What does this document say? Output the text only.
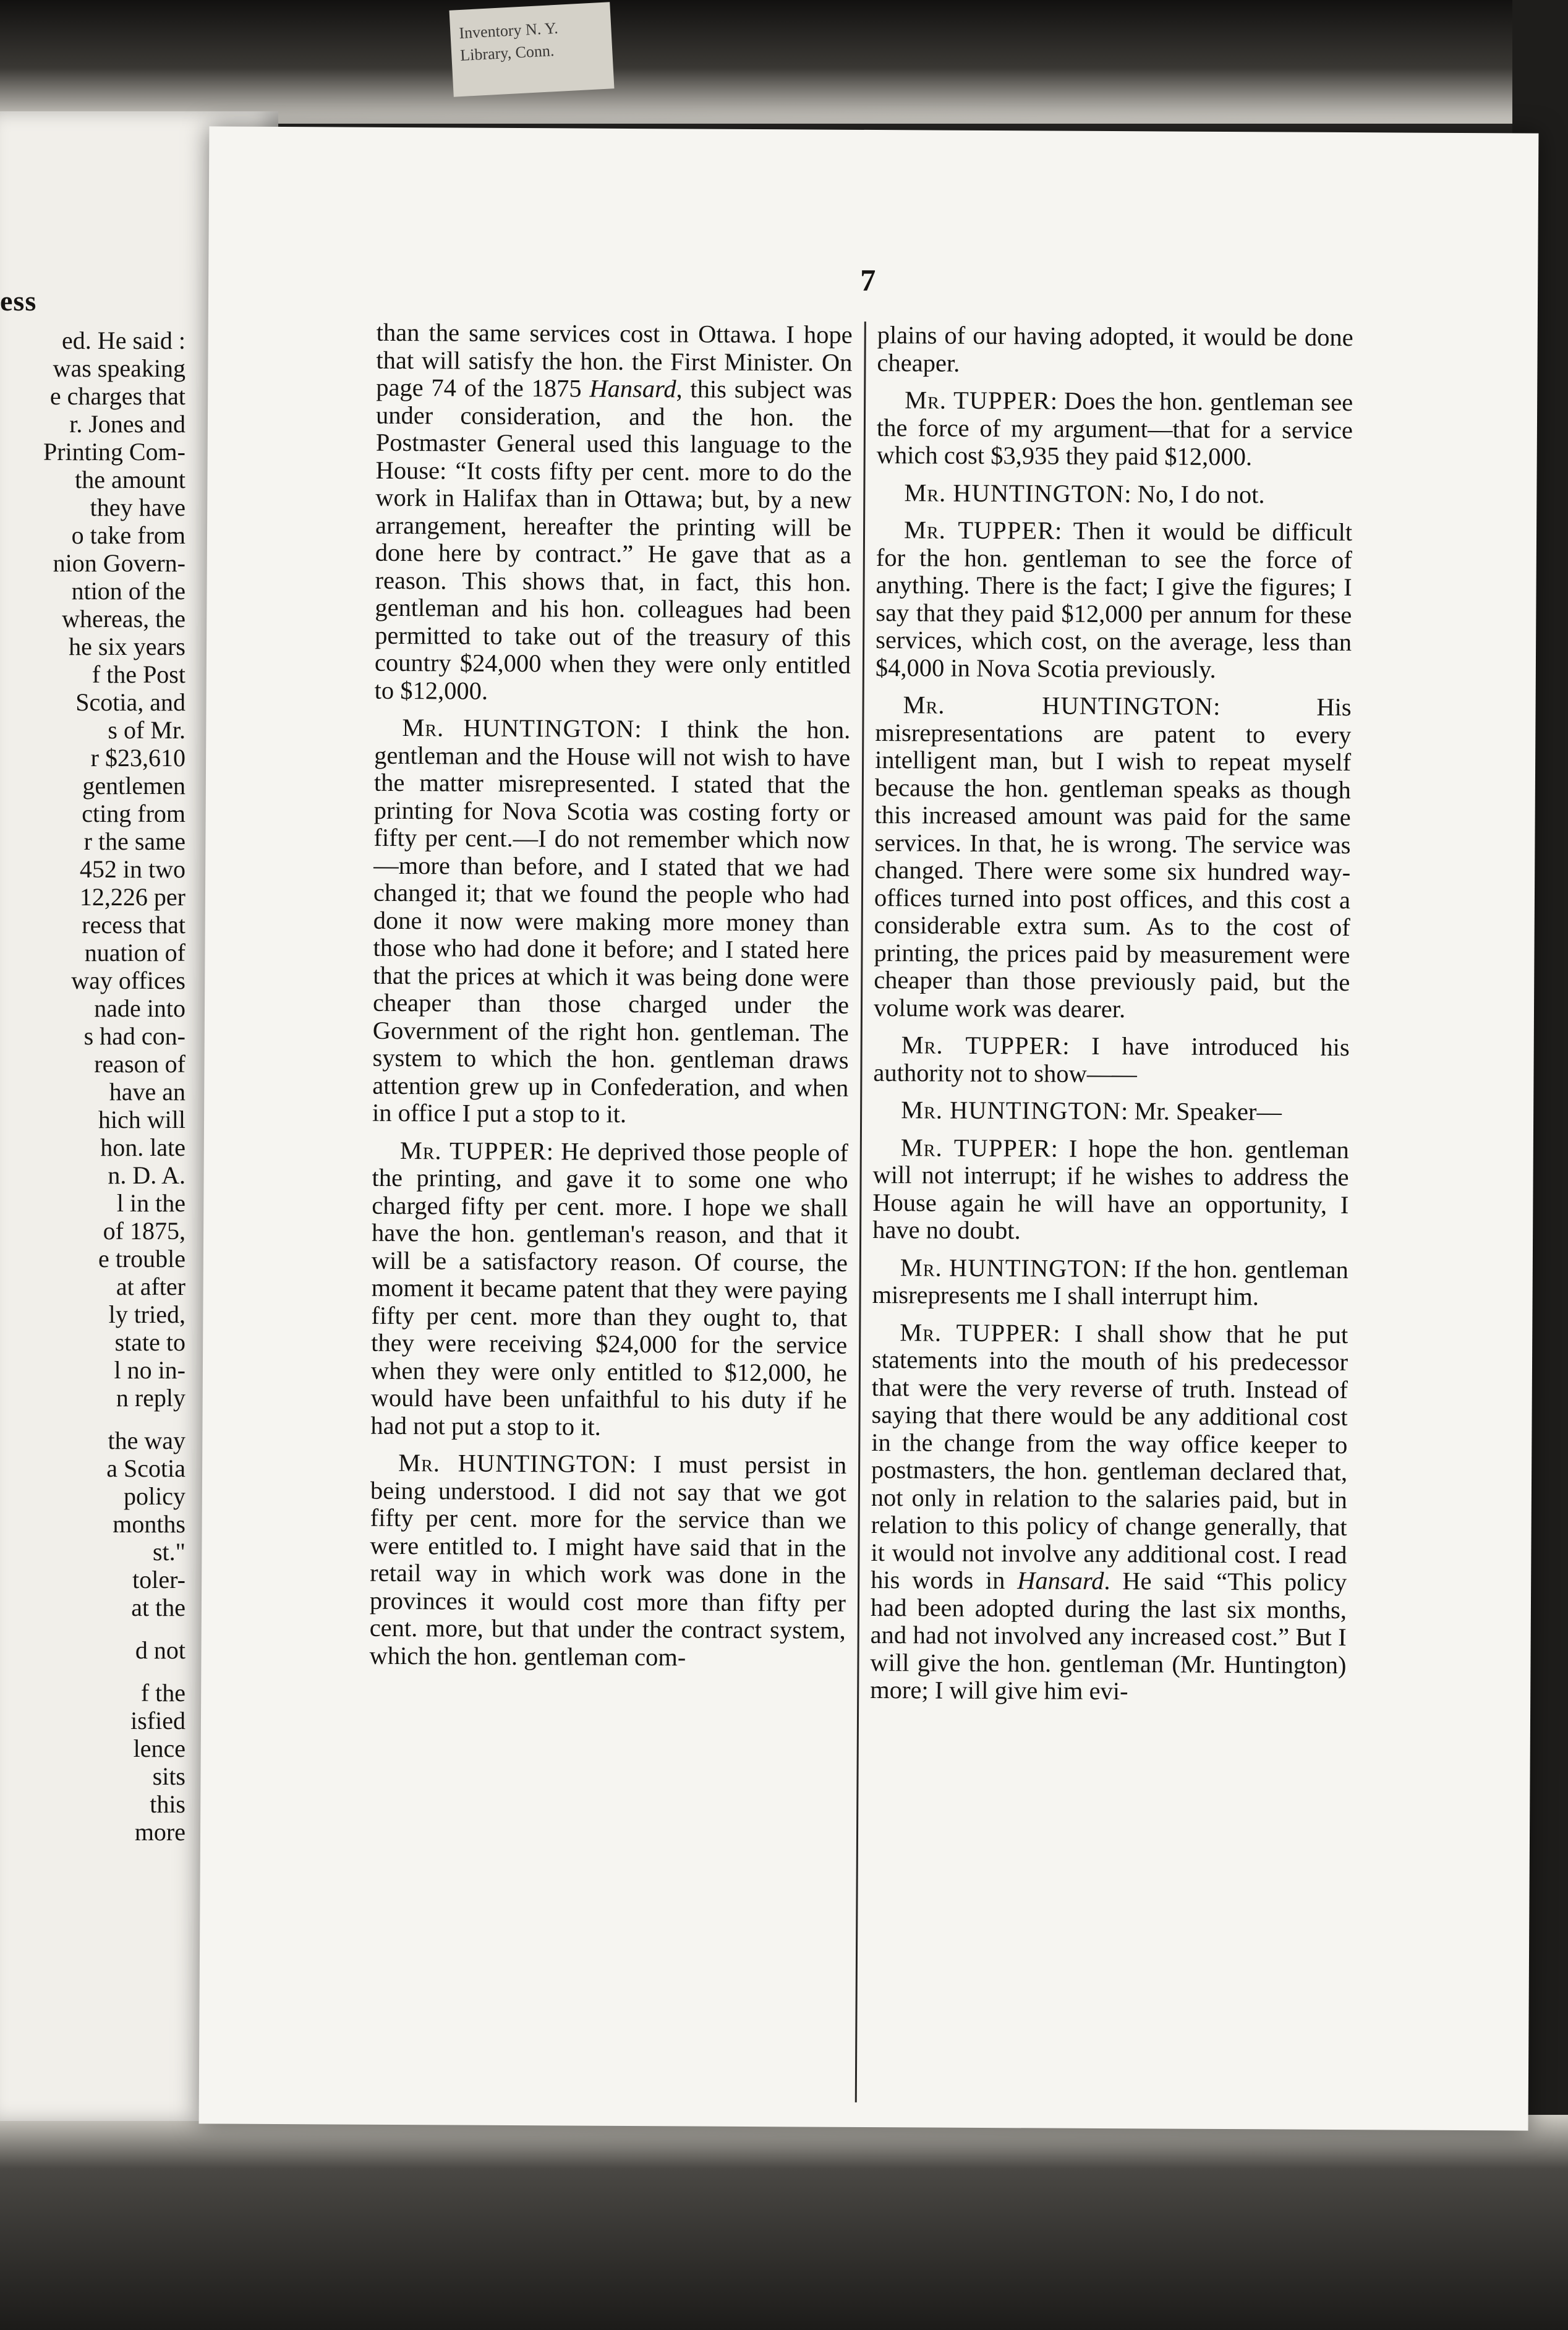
Inventory N. Y.
Library, Conn.
ess
ed. He said :
was speaking
e charges that
r. Jones and
Printing Com-
the amount
they have
o take from
nion Govern-
ntion of the
whereas, the
he six years
f the Post
Scotia, and
s of Mr.
r $23,610
gentlemen
cting from
r the same
452 in two
12,226 per
recess that
nuation of
way offices
nade into
s had con-
reason of
have an
hich will
hon. late
n. D. A.
l in the
of 1875,
e trouble
at after
ly tried,
state to
l no in-
n reply
the way
a Scotia
policy
months
st."
toler-
at the
d not
f the
isfied
lence
sits
this
more
7

than the same services cost in Ottawa. I hope that will satisfy the hon. the First Minister. On page 74 of the 1875 Hansard, this subject was under consideration, and the hon. the Postmaster General used this language to the House: “It costs fifty per cent. more to do the work in Halifax than in Ottawa; but, by a new arrangement, hereafter the printing will be done here by contract.” He gave that as a reason. This shows that, in fact, this hon. gentleman and his hon. colleagues had been permitted to take out of the treasury of this country $24,000 when they were only entitled to $12,000.

Mr. HUNTINGTON: I think the hon. gentleman and the House will not wish to have the matter misrepresented. I stated that the printing for Nova Scotia was costing forty or fifty per cent.—I do not remember which now—more than before, and I stated that we had changed it; that we found the people who had done it now were making more money than those who had done it before; and I stated here that the prices at which it was being done were cheaper than those charged under the Government of the right hon. gentleman. The system to which the hon. gentleman draws attention grew up in Confederation, and when in office I put a stop to it.

Mr. TUPPER: He deprived those people of the printing, and gave it to some one who charged fifty per cent. more. I hope we shall have the hon. gentleman's reason, and that it will be a satisfactory reason. Of course, the moment it became patent that they were paying fifty per cent. more than they ought to, that they were receiving $24,000 for the service when they were only entitled to $12,000, he would have been unfaithful to his duty if he had not put a stop to it.

Mr. HUNTINGTON: I must persist in being understood. I did not say that we got fifty per cent. more for the service than we were entitled to. I might have said that in the retail way in which work was done in the provinces it would cost more than fifty per cent. more, but that under the contract system, which the hon. gentleman com-

plains of our having adopted, it would be done cheaper.

Mr. TUPPER: Does the hon. gentleman see the force of my argument—that for a service which cost $3,935 they paid $12,000.

Mr. HUNTINGTON: No, I do not.

Mr. TUPPER: Then it would be difficult for the hon. gentleman to see the force of anything. There is the fact; I give the figures; I say that they paid $12,000 per annum for these services, which cost, on the average, less than $4,000 in Nova Scotia previously.

Mr. HUNTINGTON: His misrepresentations are patent to every intelligent man, but I wish to repeat myself because the hon. gentleman speaks as though this increased amount was paid for the same services. In that, he is wrong. The service was changed. There were some six hundred way-offices turned into post offices, and this cost a considerable extra sum. As to the cost of printing, the prices paid by measurement were cheaper than those previously paid, but the volume work was dearer.

Mr. TUPPER: I have introduced his authority not to show——

Mr. HUNTINGTON: Mr. Speaker—

Mr. TUPPER: I hope the hon. gentleman will not interrupt; if he wishes to address the House again he will have an opportunity, I have no doubt.

Mr. HUNTINGTON: If the hon. gentleman misrepresents me I shall interrupt him.

Mr. TUPPER: I shall show that he put statements into the mouth of his predecessor that were the very reverse of truth. Instead of saying that there would be any additional cost in the change from the way office keeper to postmasters, the hon. gentleman declared that, not only in relation to the salaries paid, but in relation to this policy of change generally, that it would not involve any additional cost. I read his words in Hansard. He said “This policy had been adopted during the last six months, and had not involved any increased cost.” But I will give the hon. gentleman (Mr. Huntington) more; I will give him evi-
